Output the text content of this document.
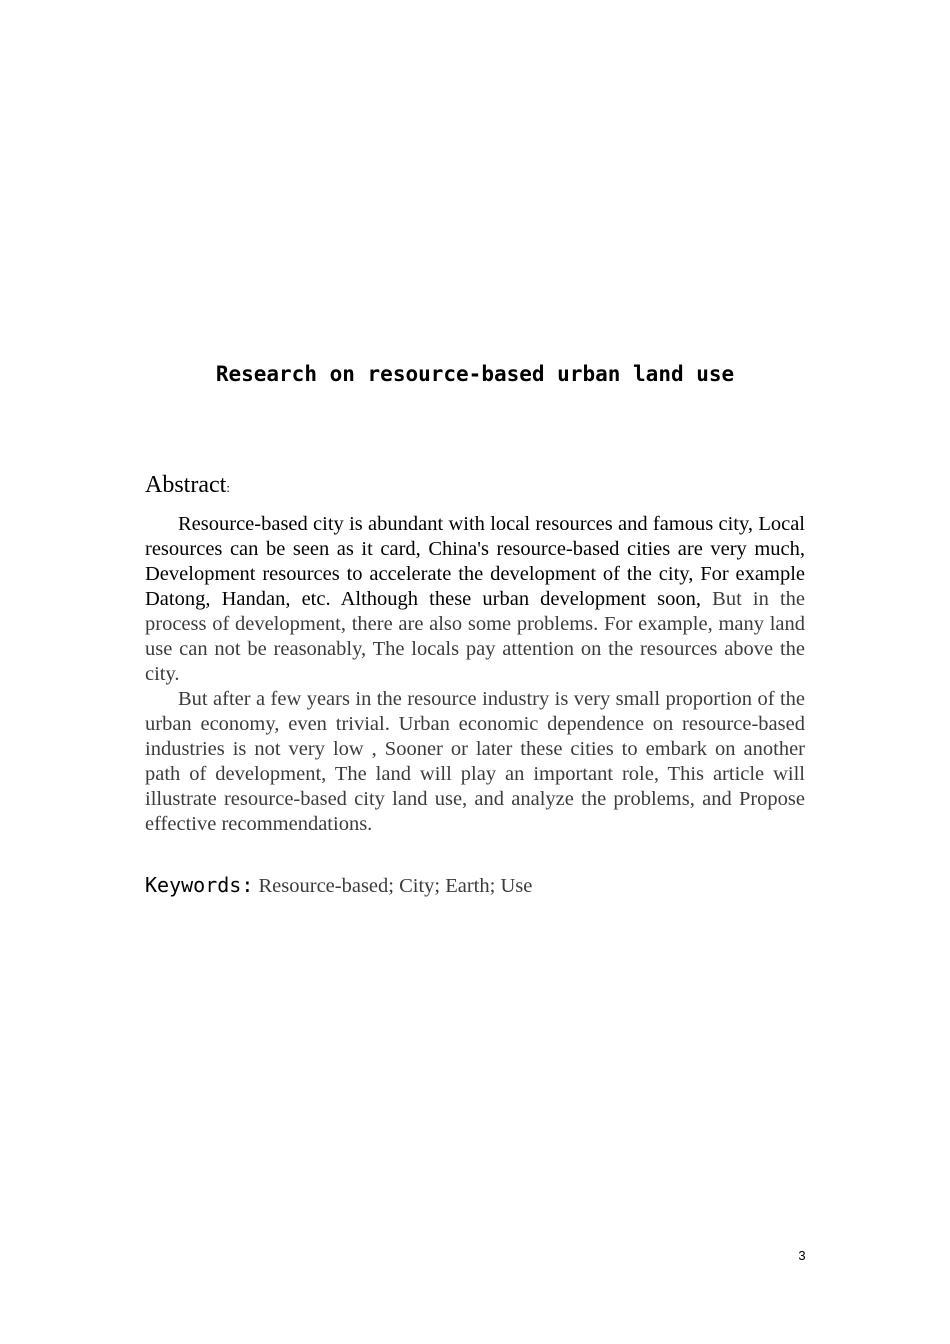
Research on resource-based urban land use
Abstract:

Resource-based city is abundant with local resources and famous city, Local resources can be seen as it card, China's resource-based cities are very much, Development resources to accelerate the development of the city, For example Datong, Handan, etc. Although these urban development soon, But in the process of development, there are also some problems. For example, many land use can not be reasonably, The locals pay attention on the resources above the city.

But after a few years in the resource industry is very small proportion of the urban economy, even trivial. Urban economic dependence on resource-based industries is not very low , Sooner or later these cities to embark on another path of development, The land will play an important role, This article will illustrate resource-based city land use, and analyze the problems, and Propose effective recommendations.

Keywords: Resource-based; City; Earth; Use
3
